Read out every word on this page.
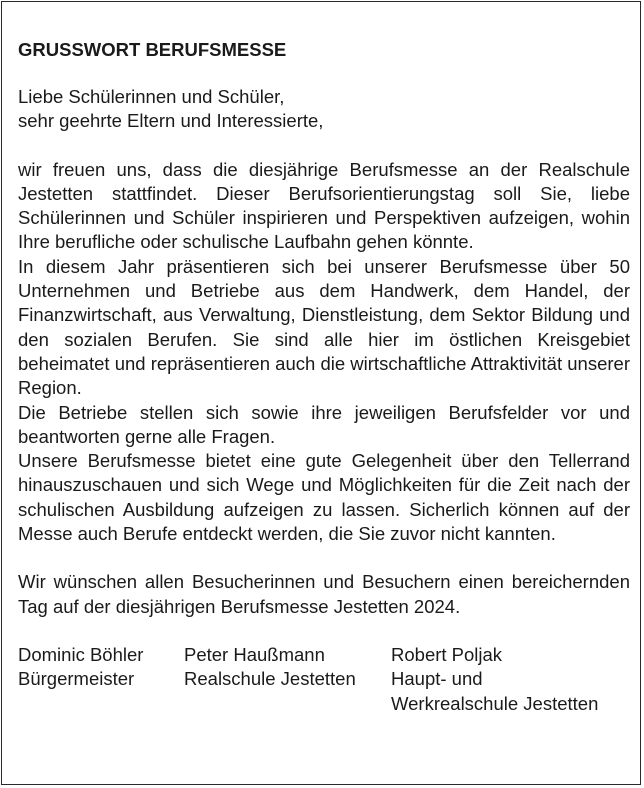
GRUSSWORT BERUFSMESSE

Liebe Schülerinnen und Schüler,

sehr geehrte Eltern und Interessierte,

wir freuen uns, dass die diesjährige Berufsmesse an der Realschule Jestetten stattfindet. Dieser Berufsorientierungstag soll Sie, liebe Schülerinnen und Schüler inspirieren und Perspektiven aufzeigen, wohin Ihre berufliche oder schulische Laufbahn gehen könnte.

In diesem Jahr präsentieren sich bei unserer Berufsmesse über 50 Unternehmen und Betriebe aus dem Handwerk, dem Handel, der Finanzwirtschaft, aus Verwaltung, Dienstleistung, dem Sektor Bildung und den sozialen Berufen. Sie sind alle hier im östlichen Kreisgebiet beheimatet und repräsentieren auch die wirtschaftliche Attraktivität unserer Region.

Die Betriebe stellen sich sowie ihre jeweiligen Berufsfelder vor und beantworten gerne alle Fragen.

Unsere Berufsmesse bietet eine gute Gelegenheit über den Tellerrand hinauszuschauen und sich Wege und Möglichkeiten für die Zeit nach der schulischen Ausbildung aufzeigen zu lassen. Sicherlich können auf der Messe auch Berufe entdeckt werden, die Sie zuvor nicht kannten.

Wir wünschen allen Besucherinnen und Besuchern einen bereichernden Tag auf der diesjährigen Berufsmesse Jestetten 2024.

Dominic Böhler
Bürgermeister
Peter Haußmann
Realschule Jestetten
Robert Poljak
Haupt- und
Werkrealschule Jestetten
